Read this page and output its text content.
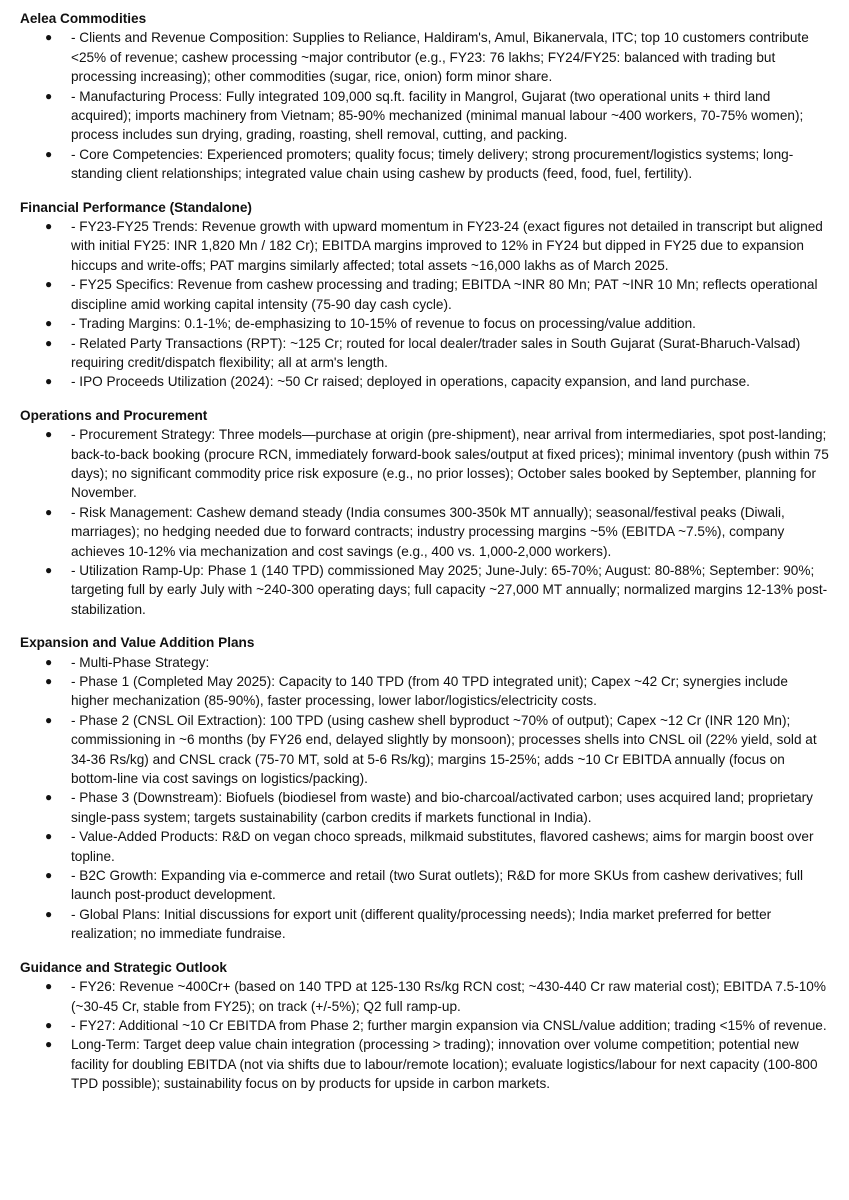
Aelea Commodities
● - Clients and Revenue Composition: Supplies to Reliance, Haldiram's, Amul, Bikanervala, ITC; top 10 customers contribute <25% of revenue; cashew processing ~major contributor (e.g., FY23: 76 lakhs; FY24/FY25: balanced with trading but processing increasing); other commodities (sugar, rice, onion) form minor share.
● - Manufacturing Process: Fully integrated 109,000 sq.ft. facility in Mangrol, Gujarat (two operational units + third land acquired); imports machinery from Vietnam; 85-90% mechanized (minimal manual labour ~400 workers, 70-75% women); process includes sun drying, grading, roasting, shell removal, cutting, and packing.
● - Core Competencies: Experienced promoters; quality focus; timely delivery; strong procurement/logistics systems; long-standing client relationships; integrated value chain using cashew by products (feed, food, fuel, fertility).
Financial Performance (Standalone)
● - FY23-FY25 Trends: Revenue growth with upward momentum in FY23-24 (exact figures not detailed in transcript but aligned with initial FY25: INR 1,820 Mn / 182 Cr); EBITDA margins improved to 12% in FY24 but dipped in FY25 due to expansion hiccups and write-offs; PAT margins similarly affected; total assets ~16,000 lakhs as of March 2025.
● - FY25 Specifics: Revenue from cashew processing and trading; EBITDA ~INR 80 Mn; PAT ~INR 10 Mn; reflects operational discipline amid working capital intensity (75-90 day cash cycle).
● - Trading Margins: 0.1-1%; de-emphasizing to 10-15% of revenue to focus on processing/value addition.
● - Related Party Transactions (RPT): ~125 Cr; routed for local dealer/trader sales in South Gujarat (Surat-Bharuch-Valsad) requiring credit/dispatch flexibility; all at arm's length.
● - IPO Proceeds Utilization (2024): ~50 Cr raised; deployed in operations, capacity expansion, and land purchase.
Operations and Procurement
● - Procurement Strategy: Three models—purchase at origin (pre-shipment), near arrival from intermediaries, spot post-landing; back-to-back booking (procure RCN, immediately forward-book sales/output at fixed prices); minimal inventory (push within 75 days); no significant commodity price risk exposure (e.g., no prior losses); October sales booked by September, planning for November.
● - Risk Management: Cashew demand steady (India consumes 300-350k MT annually); seasonal/festival peaks (Diwali, marriages); no hedging needed due to forward contracts; industry processing margins ~5% (EBITDA ~7.5%), company achieves 10-12% via mechanization and cost savings (e.g., 400 vs. 1,000-2,000 workers).
● - Utilization Ramp-Up: Phase 1 (140 TPD) commissioned May 2025; June-July: 65-70%; August: 80-88%; September: 90%; targeting full by early July with ~240-300 operating days; full capacity ~27,000 MT annually; normalized margins 12-13% post-stabilization.
Expansion and Value Addition Plans
● - Multi-Phase Strategy:
● - Phase 1 (Completed May 2025): Capacity to 140 TPD (from 40 TPD integrated unit); Capex ~42 Cr; synergies include higher mechanization (85-90%), faster processing, lower labor/logistics/electricity costs.
● - Phase 2 (CNSL Oil Extraction): 100 TPD (using cashew shell byproduct ~70% of output); Capex ~12 Cr (INR 120 Mn); commissioning in ~6 months (by FY26 end, delayed slightly by monsoon); processes shells into CNSL oil (22% yield, sold at 34-36 Rs/kg) and CNSL crack (75-70 MT, sold at 5-6 Rs/kg); margins 15-25%; adds ~10 Cr EBITDA annually (focus on bottom-line via cost savings on logistics/packing).
● - Phase 3 (Downstream): Biofuels (biodiesel from waste) and bio-charcoal/activated carbon; uses acquired land; proprietary single-pass system; targets sustainability (carbon credits if markets functional in India).
● - Value-Added Products: R&D on vegan choco spreads, milkmaid substitutes, flavored cashews; aims for margin boost over topline.
● - B2C Growth: Expanding via e-commerce and retail (two Surat outlets); R&D for more SKUs from cashew derivatives; full launch post-product development.
● - Global Plans: Initial discussions for export unit (different quality/processing needs); India market preferred for better realization; no immediate fundraise.
Guidance and Strategic Outlook
● - FY26: Revenue ~400Cr+ (based on 140 TPD at 125-130 Rs/kg RCN cost; ~430-440 Cr raw material cost); EBITDA 7.5-10% (~30-45 Cr, stable from FY25); on track (+/-5%); Q2 full ramp-up.
● - FY27: Additional ~10 Cr EBITDA from Phase 2; further margin expansion via CNSL/value addition; trading <15% of revenue.
● Long-Term: Target deep value chain integration (processing > trading); innovation over volume competition; potential new facility for doubling EBITDA (not via shifts due to labour/remote location); evaluate logistics/labour for next capacity (100-800 TPD possible); sustainability focus on by products for upside in carbon markets.
